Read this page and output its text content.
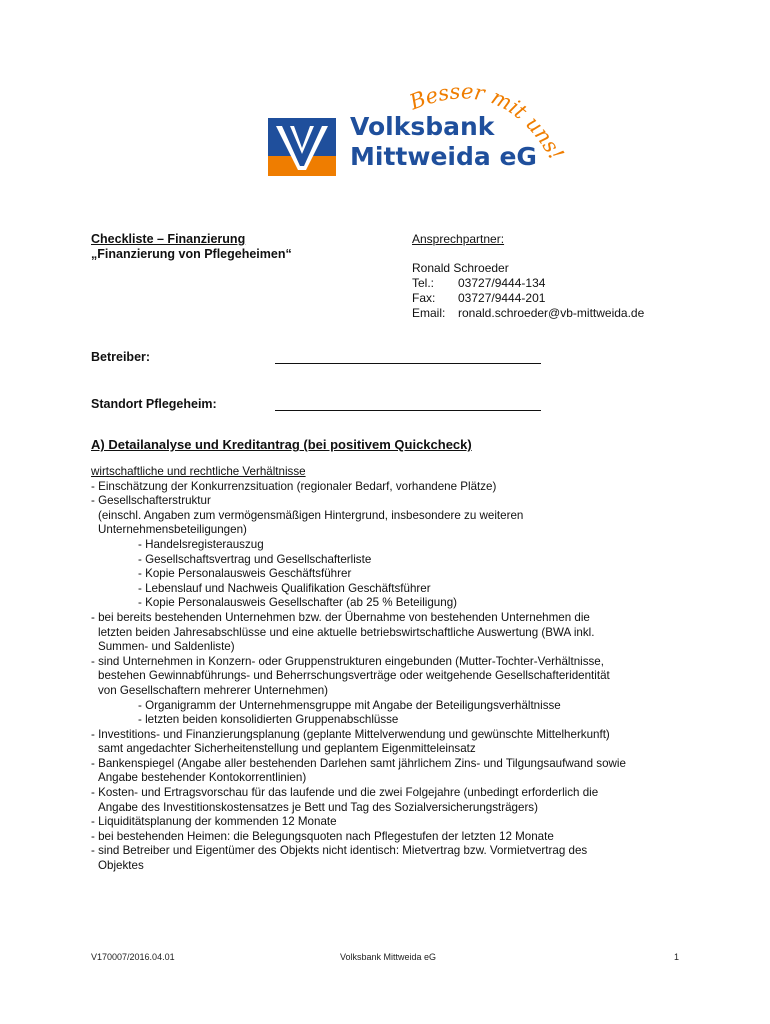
Volksbank
Mittweida eG
Besser mit uns!
Checkliste – Finanzierung
„Finanzierung von Pflegeheimen“
Ansprechpartner:
Ronald Schroeder
Tel.:	03727/9444-134
Fax:	03727/9444-201
Email:	ronald.schroeder@vb-mittweida.de
Betreiber:
Standort Pflegeheim:
A) Detailanalyse und Kreditantrag (bei positivem Quickcheck)
wirtschaftliche und rechtliche Verhältnisse
- Einschätzung der Konkurrenzsituation (regionaler Bedarf, vorhandene Plätze)
- Gesellschafterstruktur
(einschl. Angaben zum vermögensmäßigen Hintergrund, insbesondere zu weiteren
Unternehmensbeteiligungen)
- Handelsregisterauszug
- Gesellschaftsvertrag und Gesellschafterliste
- Kopie Personalausweis Geschäftsführer
- Lebenslauf und Nachweis Qualifikation Geschäftsführer
- Kopie Personalausweis Gesellschafter (ab 25 % Beteiligung)
- bei bereits bestehenden Unternehmen bzw. der Übernahme von bestehenden Unternehmen die
letzten beiden Jahresabschlüsse und eine aktuelle betriebswirtschaftliche Auswertung (BWA inkl.
Summen- und Saldenliste)
- sind Unternehmen in Konzern- oder Gruppenstrukturen eingebunden (Mutter-Tochter-Verhältnisse,
bestehen Gewinnabführungs- und Beherrschungsverträge oder weitgehende Gesellschafteridentität
von Gesellschaftern mehrerer Unternehmen)
- Organigramm der Unternehmensgruppe mit Angabe der Beteiligungsverhältnisse
- letzten beiden konsolidierten Gruppenabschlüsse
- Investitions- und Finanzierungsplanung (geplante Mittelverwendung und gewünschte Mittelherkunft)
samt angedachter Sicherheitenstellung und geplantem Eigenmitteleinsatz
- Bankenspiegel (Angabe aller bestehenden Darlehen samt jährlichem Zins- und Tilgungsaufwand sowie
Angabe bestehender Kontokorrentlinien)
- Kosten- und Ertragsvorschau für das laufende und die zwei Folgejahre (unbedingt erforderlich die
Angabe des Investitionskostensatzes je Bett und Tag des Sozialversicherungsträgers)
- Liquiditätsplanung der kommenden 12 Monate
- bei bestehenden Heimen: die Belegungsquoten nach Pflegestufen der letzten 12 Monate
- sind Betreiber und Eigentümer des Objekts nicht identisch: Mietvertrag bzw. Vormietvertrag des
Objektes
V170007/2016.04.01	Volksbank Mittweida eG	1
